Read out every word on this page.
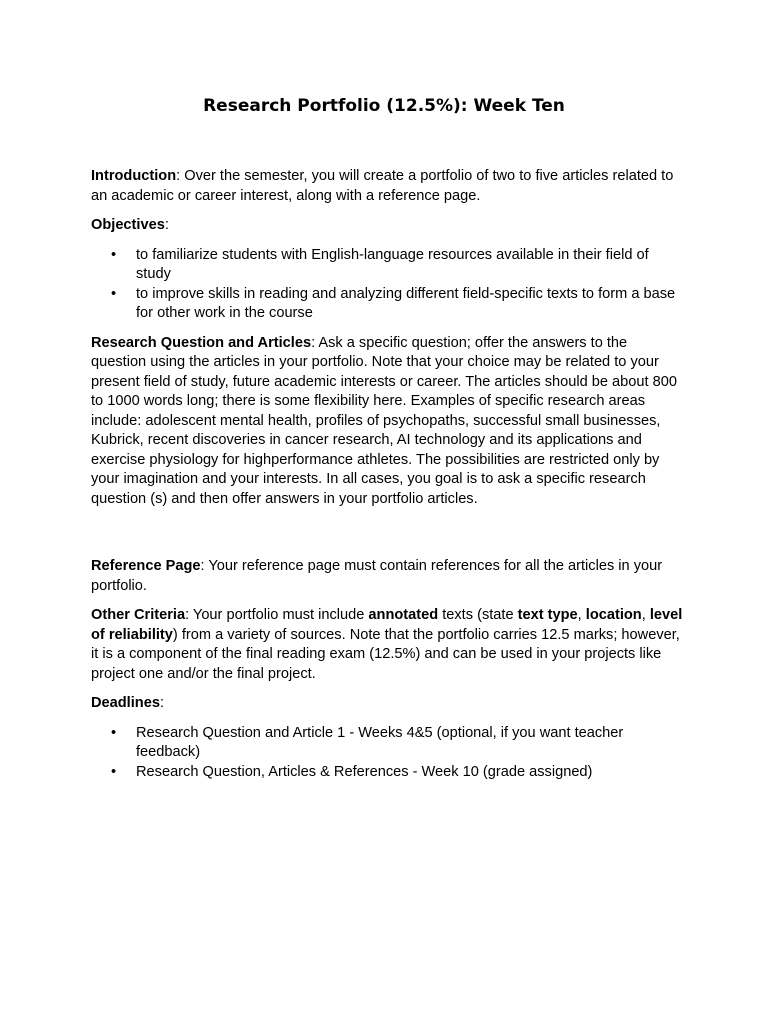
Research Portfolio (12.5%): Week Ten

Introduction: Over the semester, you will create a portfolio of two to five articles related to an academic or career interest, along with a reference page.

Objectives:

• to familiarize students with English-language resources available in their field of study
• to improve skills in reading and analyzing different field-specific texts to form a base for other work in the course

Research Question and Articles: Ask a specific question; offer the answers to the question using the articles in your portfolio. Note that your choice may be related to your present field of study, future academic interests or career. The articles should be about 800 to 1000 words long; there is some flexibility here. Examples of specific research areas include: adolescent mental health, profiles of psychopaths, successful small businesses, Kubrick, recent discoveries in cancer research, AI technology and its applications and exercise physiology for highperformance athletes. The possibilities are restricted only by your imagination and your interests. In all cases, you goal is to ask a specific research question (s) and then offer answers in your portfolio articles.

Reference Page: Your reference page must contain references for all the articles in your portfolio.

Other Criteria: Your portfolio must include annotated texts (state text type, location, level of reliability) from a variety of sources. Note that the portfolio carries 12.5 marks; however, it is a component of the final reading exam (12.5%) and can be used in your projects like project one and/or the final project.

Deadlines:

• Research Question and Article 1 - Weeks 4&5 (optional, if you want teacher feedback)
• Research Question, Articles & References - Week 10 (grade assigned)
